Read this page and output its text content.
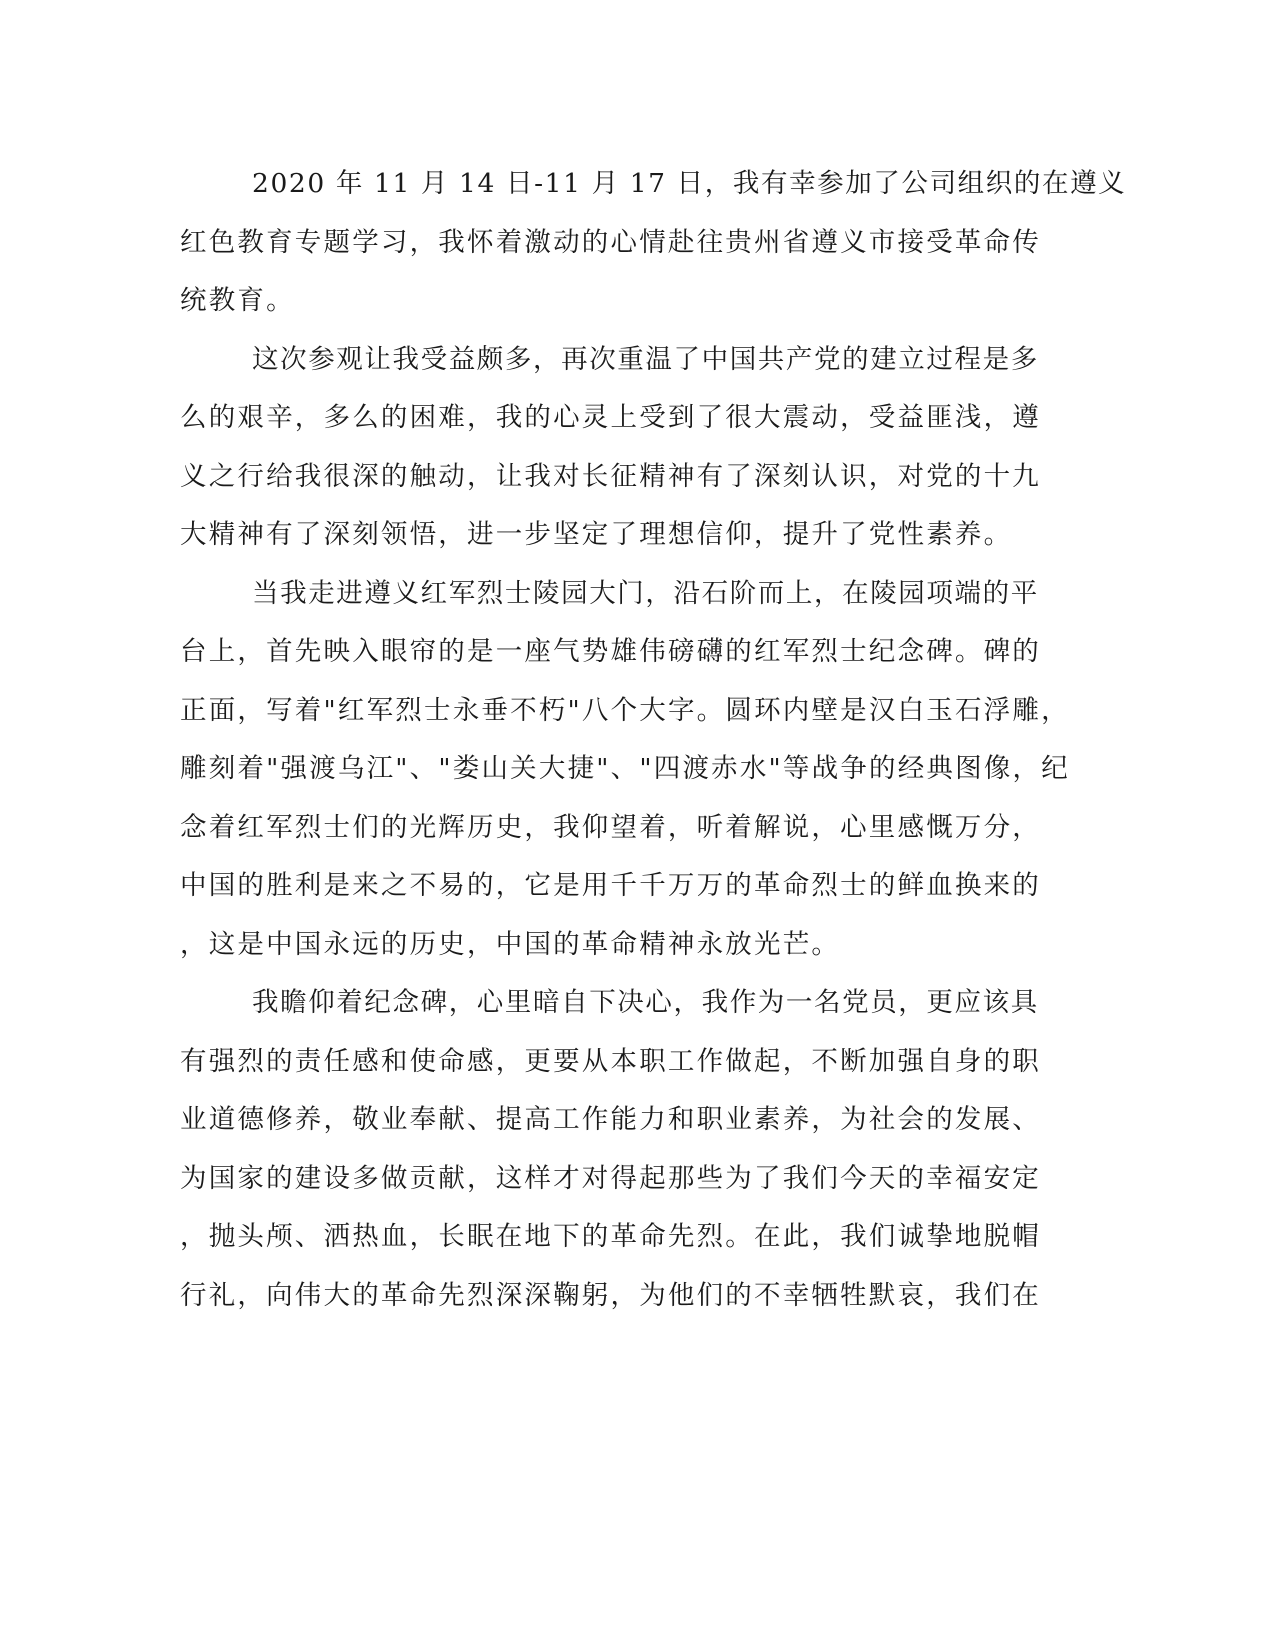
2020 年 11 月 14 日-11 月 17 日，我有幸参加了公司组织的在遵义
红色教育专题学习，我怀着激动的心情赴往贵州省遵义市接受革命传
统教育。
这次参观让我受益颇多，再次重温了中国共产党的建立过程是多
么的艰辛，多么的困难，我的心灵上受到了很大震动，受益匪浅，遵
义之行给我很深的触动，让我对长征精神有了深刻认识，对党的十九
大精神有了深刻领悟，进一步坚定了理想信仰，提升了党性素养。
当我走进遵义红军烈士陵园大门，沿石阶而上，在陵园项端的平
台上，首先映入眼帘的是一座气势雄伟磅礴的红军烈士纪念碑。碑的
正面，写着"红军烈士永垂不朽"八个大字。圆环内壁是汉白玉石浮雕，
雕刻着"强渡乌江"、"娄山关大捷"、"四渡赤水"等战争的经典图像，纪
念着红军烈士们的光辉历史，我仰望着，听着解说，心里感慨万分，
中国的胜利是来之不易的，它是用千千万万的革命烈士的鲜血换来的
，这是中国永远的历史，中国的革命精神永放光芒。
我瞻仰着纪念碑，心里暗自下决心，我作为一名党员，更应该具
有强烈的责任感和使命感，更要从本职工作做起，不断加强自身的职
业道德修养，敬业奉献、提高工作能力和职业素养，为社会的发展、
为国家的建设多做贡献，这样才对得起那些为了我们今天的幸福安定
，抛头颅、洒热血，长眠在地下的革命先烈。在此，我们诚挚地脱帽
行礼，向伟大的革命先烈深深鞠躬，为他们的不幸牺牲默哀，我们在
